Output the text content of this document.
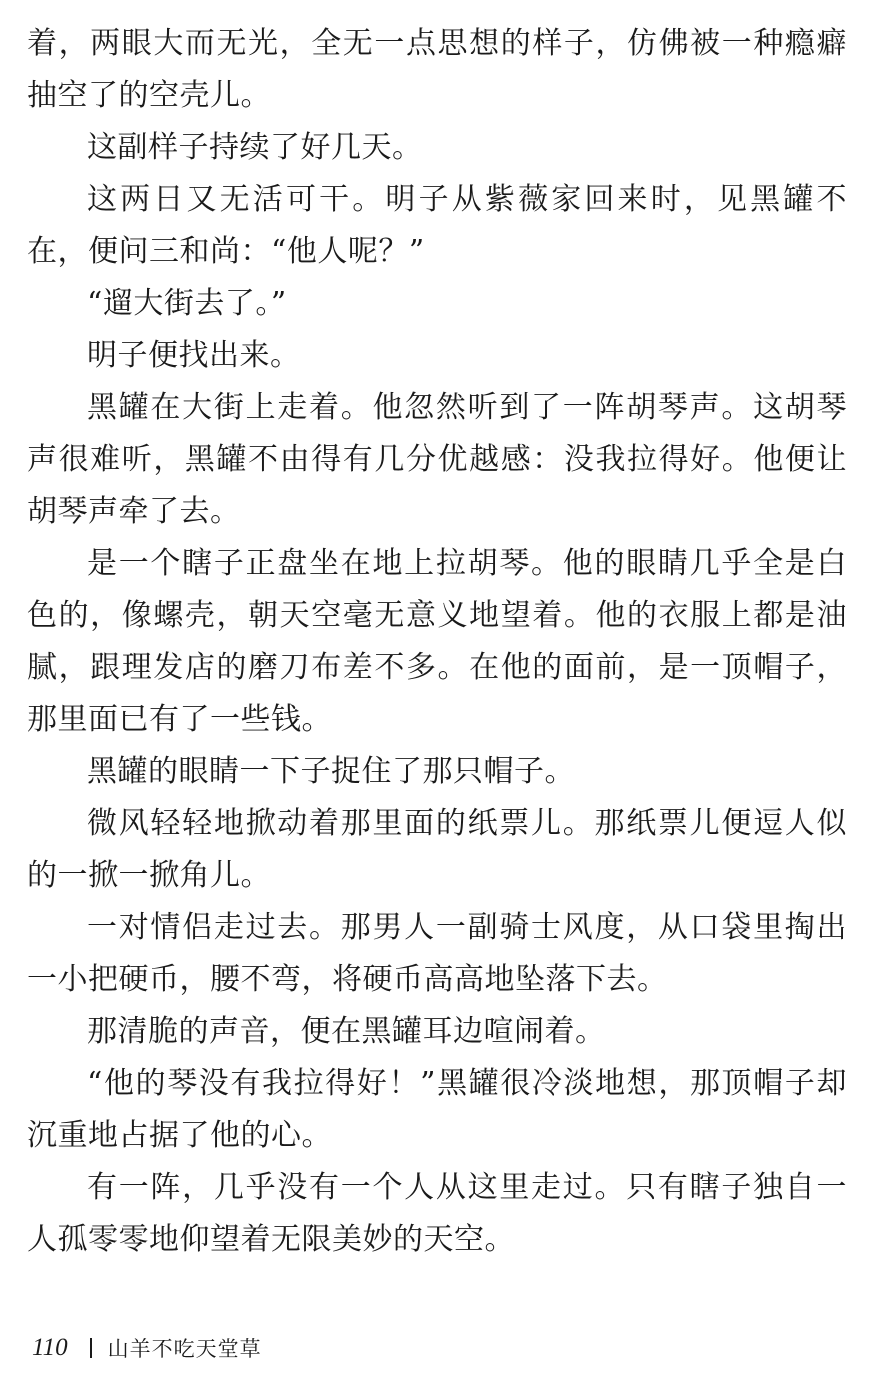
着，两眼大而无光，全无一点思想的样子，仿佛被一种瘾癖抽空了的空壳儿。

这副样子持续了好几天。

这两日又无活可干。明子从紫薇家回来时，见黑罐不在，便问三和尚：“他人呢？”

“遛大街去了。”

明子便找出来。

黑罐在大街上走着。他忽然听到了一阵胡琴声。这胡琴声很难听，黑罐不由得有几分优越感：没我拉得好。他便让胡琴声牵了去。

是一个瞎子正盘坐在地上拉胡琴。他的眼睛几乎全是白色的，像螺壳，朝天空毫无意义地望着。他的衣服上都是油腻，跟理发店的磨刀布差不多。在他的面前，是一顶帽子，那里面已有了一些钱。

黑罐的眼睛一下子捉住了那只帽子。

微风轻轻地掀动着那里面的纸票儿。那纸票儿便逗人似的一掀一掀角儿。

一对情侣走过去。那男人一副骑士风度，从口袋里掏出一小把硬币，腰不弯，将硬币高高地坠落下去。

那清脆的声音，便在黑罐耳边喧闹着。

“他的琴没有我拉得好！”黑罐很冷淡地想，那顶帽子却沉重地占据了他的心。

有一阵，几乎没有一个人从这里走过。只有瞎子独自一人孤零零地仰望着无限美妙的天空。

110 山羊不吃天堂草
